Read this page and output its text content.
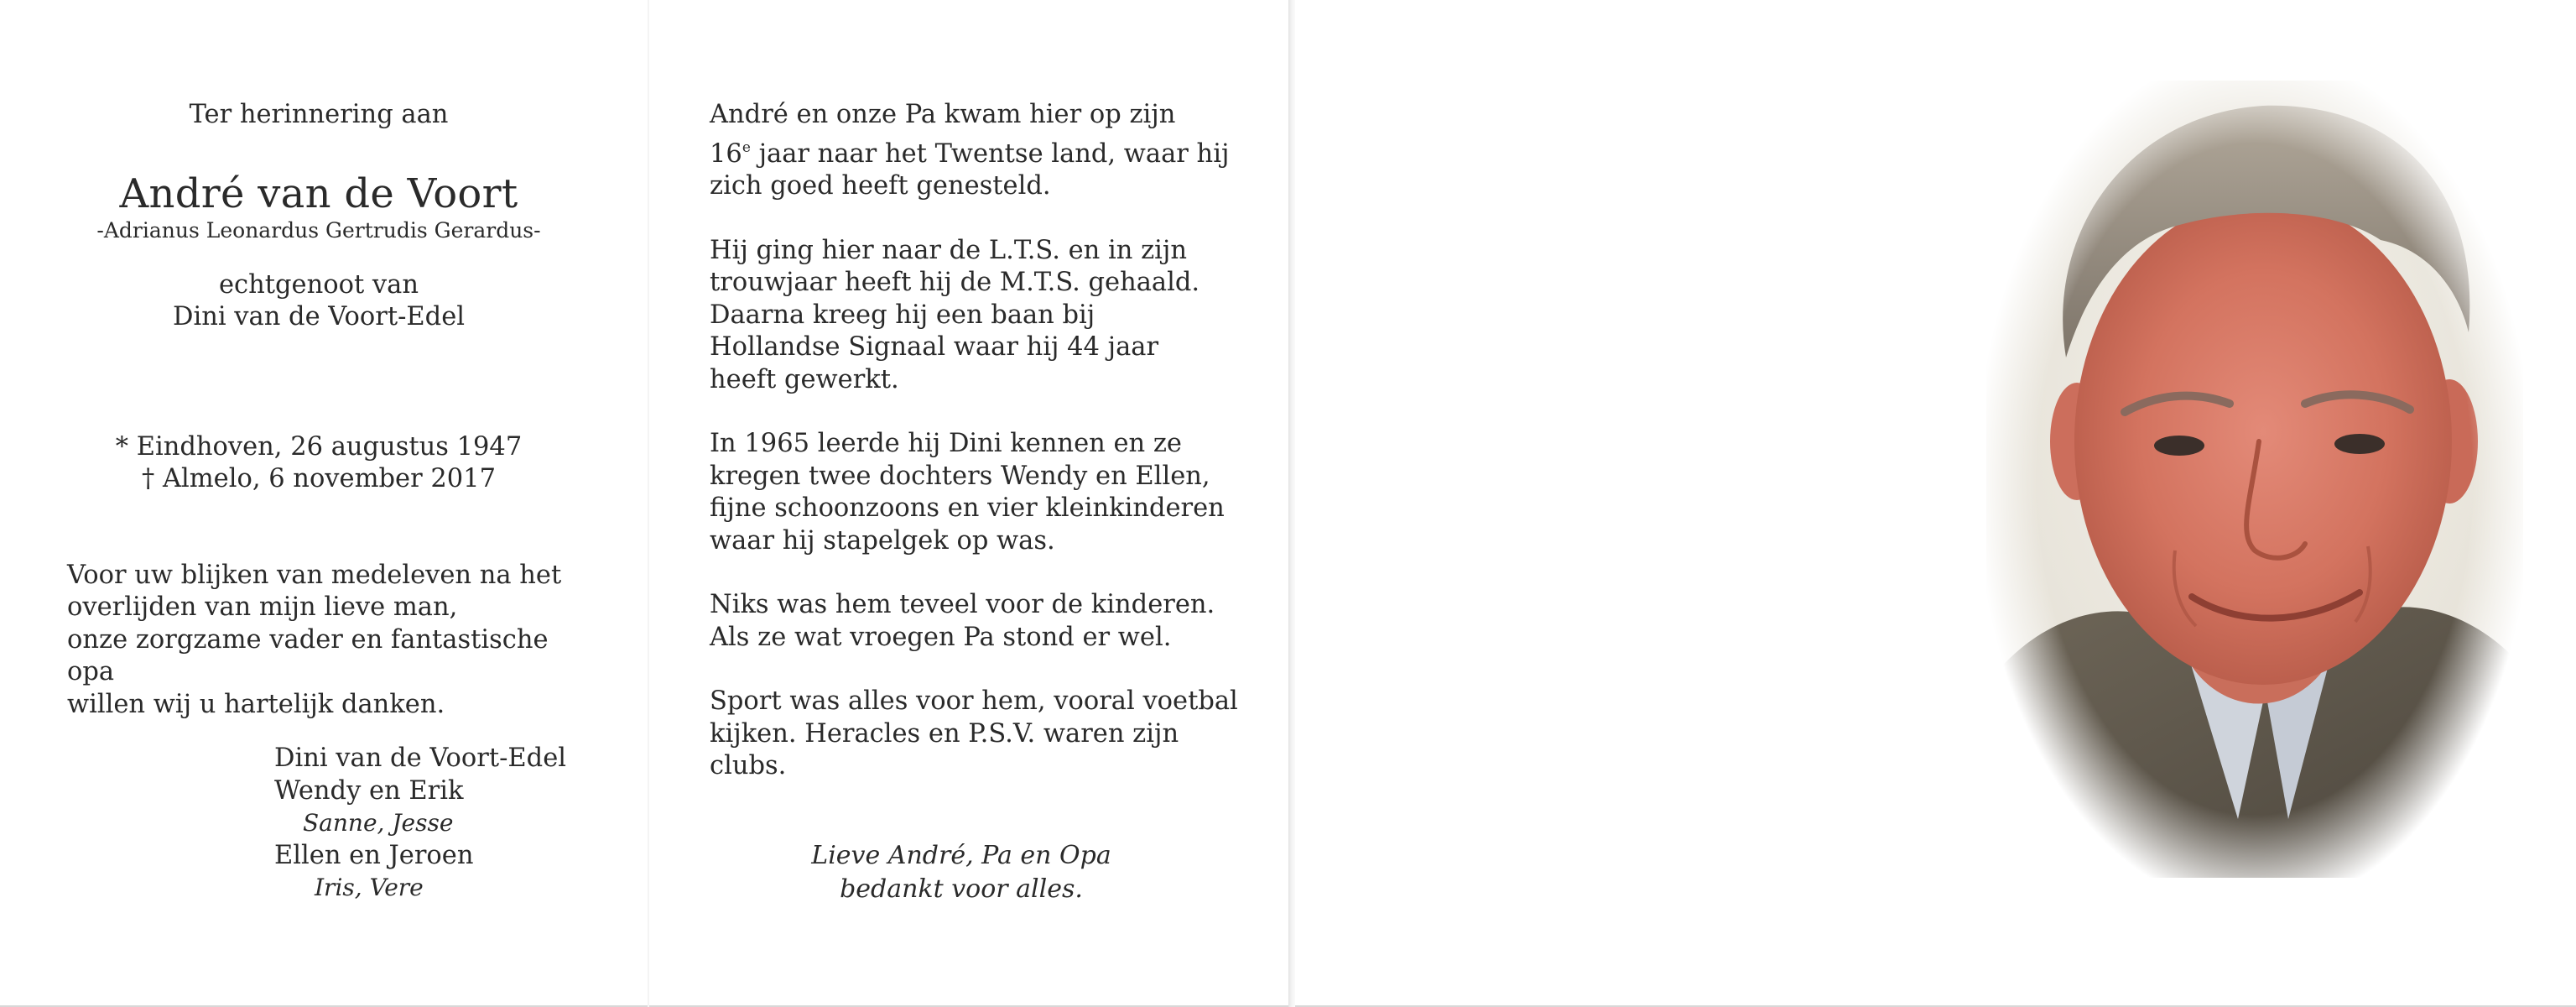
Ter herinnering aan
André van de Voort
-Adrianus Leonardus Gertrudis Gerardus-
echtgenoot van
Dini van de Voort-Edel
* Eindhoven, 26 augustus 1947
† Almelo, 6 november 2017
Voor uw blijken van medeleven na het
overlijden van mijn lieve man,
onze zorgzame vader en fantastische opa
willen wij u hartelijk danken.
Dini van de Voort-Edel
Wendy en Erik
Sanne, Jesse
Ellen en Jeroen
Iris, Vere
André en onze Pa kwam hier op zijn
16e jaar naar het Twentse land, waar hij
zich goed heeft genesteld.
Hij ging hier naar de L.T.S. en in zijn
trouwjaar heeft hij de M.T.S. gehaald.
Daarna kreeg hij een baan bij
Hollandse Signaal waar hij 44 jaar
heeft gewerkt.
In 1965 leerde hij Dini kennen en ze
kregen twee dochters Wendy en Ellen,
fijne schoonzoons en vier kleinkinderen
waar hij stapelgek op was.
Niks was hem teveel voor de kinderen.
Als ze wat vroegen Pa stond er wel.
Sport was alles voor hem, vooral voetbal
kijken. Heracles en P.S.V. waren zijn clubs.
Lieve André, Pa en Opa
bedankt voor alles.
